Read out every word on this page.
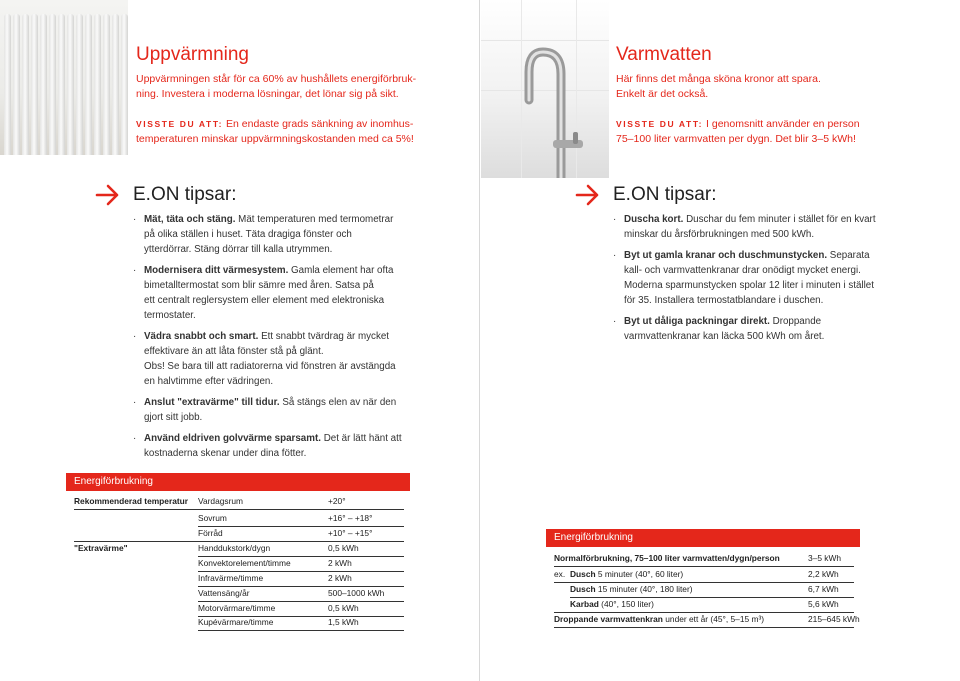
Uppvärmning
Uppvärmningen står för ca 60% av hushållets energiförbruk-
ning. Investera i moderna lösningar, det lönar sig på sikt.
VISSTE DU ATT: En endaste grads sänkning av inomhus-
temperaturen minskar uppvärmningskostanden med ca 5%!
E.ON tipsar:
· Mät, täta och stäng. Mät temperaturen med termometrar
på olika ställen i huset. Täta dragiga fönster och
ytterdörrar. Stäng dörrar till kalla utrymmen.
· Modernisera ditt värmesystem. Gamla element har ofta
bimetalltermostat som blir sämre med åren. Satsa på
ett centralt reglersystem eller element med elektroniska
termostater.
· Vädra snabbt och smart. Ett snabbt tvärdrag är mycket
effektivare än att låta fönster stå på glänt.
Obs! Se bara till att radiatorerna vid fönstren är avstängda
en halvtimme efter vädringen.
· Anslut "extravärme" till tidur. Så stängs elen av när den
gjort sitt jobb.
· Använd eldriven golvvärme sparsamt. Det är lätt hänt att
kostnaderna skenar under dina fötter.
Energiförbrukning
Rekommenderad temperatur Vardagsrum	+20°
Sovrum	+16° – +18°
Förråd	+10° – +15°
"Extravärme"	Handdukstork/dygn	0,5 kWh
Konvektorelement/timme	2 kWh
Infravärme/timme	2 kWh
Vattensäng/år	500–1000 kWh
Motorvärmare/timme	0,5 kWh
Kupévärmare/timme	1,5 kWh
Varmvatten
Här finns det många sköna kronor att spara.
Enkelt är det också.
VISSTE DU ATT: I genomsnitt använder en person
75–100 liter varmvatten per dygn. Det blir 3–5 kWh!
E.ON tipsar:
· Duscha kort. Duschar du fem minuter i stället för en kvart
minskar du årsförbrukningen med 500 kWh.
· Byt ut gamla kranar och duschmunstycken. Separata
kall- och varmvattenkranar drar onödigt mycket energi.
Moderna sparmunstycken spolar 12 liter i minuten i stället
för 35. Installera termostatblandare i duschen.
· Byt ut dåliga packningar direkt. Droppande
varmvattenkranar kan läcka 500 kWh om året.
Energiförbrukning
Normalförbrukning, 75–100 liter varmvatten/dygn/person	3–5 kWh
ex. Dusch 5 minuter (40°, 60 liter)	2,2 kWh
Dusch 15 minuter (40°, 180 liter)	6,7 kWh
Karbad (40°, 150 liter)	5,6 kWh
Droppande varmvattenkran under ett år (45°, 5–15 m³)	215–645 kWh
